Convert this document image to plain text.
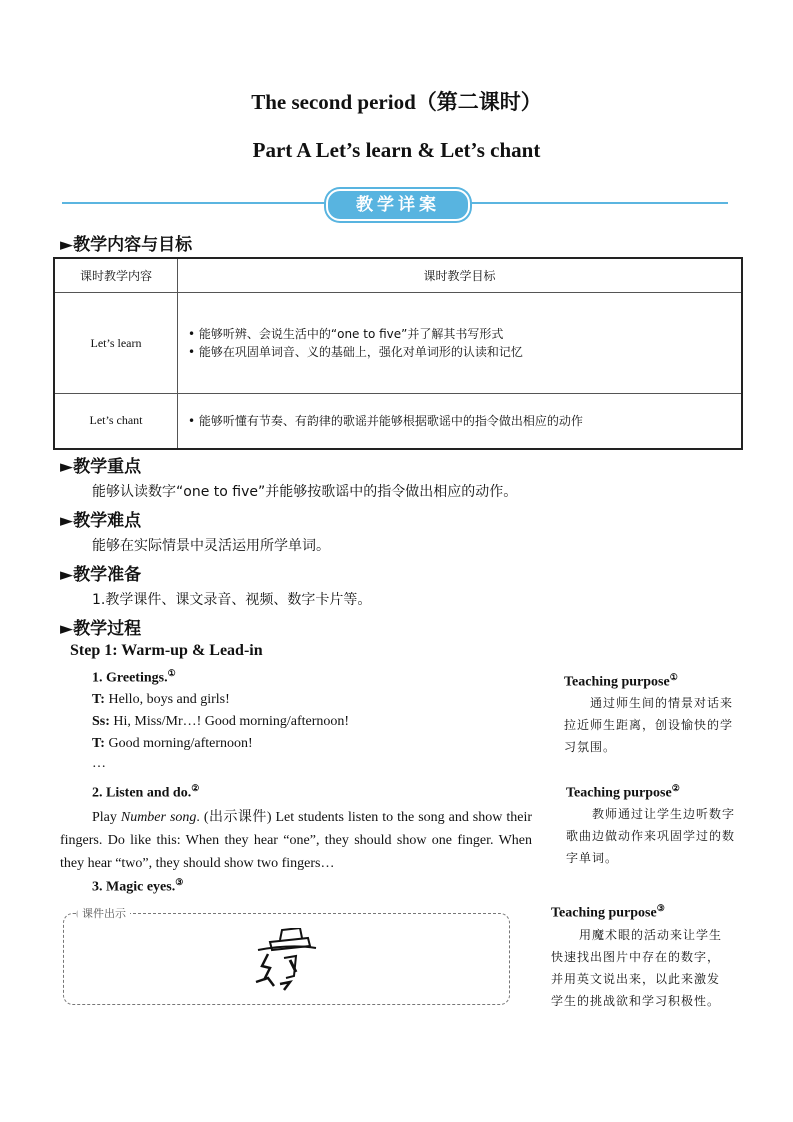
The second period（第二课时）
Part A Let’s learn & Let’s chant
教学详案
►教学内容与目标
课时教学内容	课时教学目标
Let’s learn	• 能够听辨、会说生活中的“one to five”并了解其书写形式
• 能够在巩固单词音、义的基础上，强化对单词形的认读和记忆

Let’s chant	• 能够听懂有节奏、有韵律的歌谣并能够根据歌谣中的指令做出相应的动作
►教学重点
能够认读数字“one to five”并能够按歌谣中的指令做出相应的动作。
►教学难点
能够在实际情景中灵活运用所学单词。
►教学准备
1.教学课件、课文录音、视频、数字卡片等。
►教学过程
Step 1: Warm-up & Lead-in
1. Greetings.①
T: Hello, boys and girls!
Ss: Hi, Miss/Mr…! Good morning/afternoon!
T: Good morning/afternoon!
…
2. Listen and do.②
Play Number song. (出示课件) Let students listen to the song and show their fingers. Do like this: When they hear “one”, they should show one finger. When they hear “two”, they should show two fingers…
3. Magic eyes.③
课件出示
Teaching purpose①
通过师生间的情景对话来拉近师生距离，创设愉快的学习氛围。
Teaching purpose②
教师通过让学生边听数字歌曲边做动作来巩固学过的数字单词。
Teaching purpose③
用魔术眼的活动来让学生快速找出图片中存在的数字，并用英文说出来，以此来激发学生的挑战欲和学习积极性。
